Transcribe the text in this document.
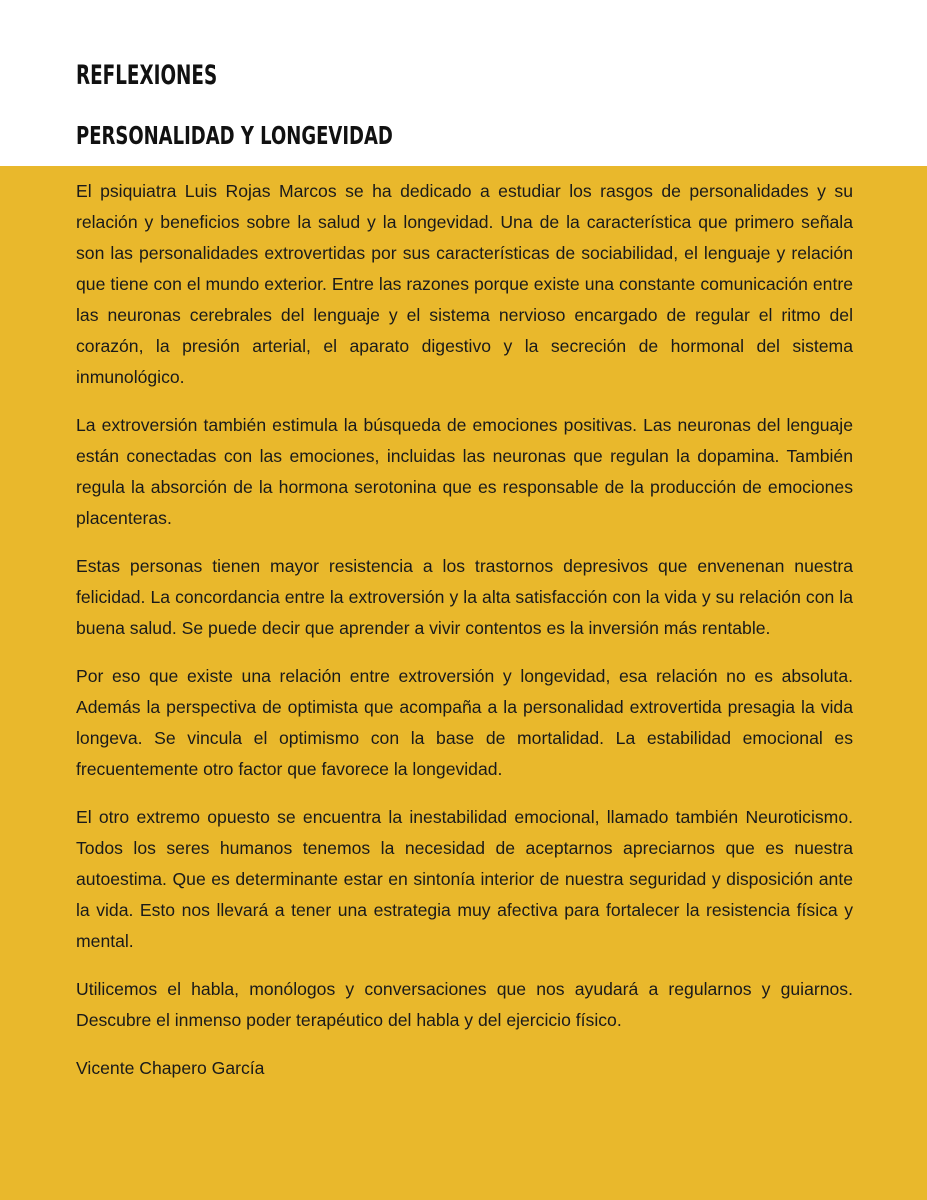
REFLEXIONES
PERSONALIDAD Y LONGEVIDAD

El psiquiatra Luis Rojas Marcos se ha dedicado a estudiar los rasgos de personalidades y su relación y beneficios sobre la salud y la longevidad. Una de la característica que primero señala son las personalidades extrovertidas por sus características de sociabilidad, el lenguaje y relación que tiene con el mundo exterior. Entre las razones porque existe una constante comunicación entre las neuronas cerebrales del lenguaje y el sistema nervioso encargado de regular el ritmo del corazón, la presión arterial, el aparato digestivo y la secreción de hormonal del sistema inmunológico.

La extroversión también estimula la búsqueda de emociones positivas. Las neuronas del lenguaje están conectadas con las emociones, incluidas las neuronas que regulan la dopamina. También regula la absorción de la hormona serotonina que es responsable de la producción de emociones placenteras.

Estas personas tienen mayor resistencia a los trastornos depresivos que envenenan nuestra felicidad. La concordancia entre la extroversión y la alta satisfacción con la vida y su relación con la buena salud. Se puede decir que aprender a vivir contentos es la inversión más rentable.

Por eso que existe una relación entre extroversión y longevidad, esa relación no es absoluta. Además la perspectiva de optimista que acompaña a la personalidad extrovertida presagia la vida longeva. Se vincula el optimismo con la base de mortalidad. La estabilidad emocional es frecuentemente otro factor que favorece la longevidad.

El otro extremo opuesto se encuentra la inestabilidad emocional, llamado también Neuroticismo. Todos los seres humanos tenemos la necesidad de aceptarnos apreciarnos que es nuestra autoestima. Que es determinante estar en sintonía interior de nuestra seguridad y disposición ante la vida. Esto nos llevará a tener una estrategia muy afectiva para fortalecer la resistencia física y mental.

Utilicemos el habla, monólogos y conversaciones que nos ayudará a regularnos y guiarnos. Descubre el inmenso poder terapéutico del habla y del ejercicio físico.

Vicente Chapero García
